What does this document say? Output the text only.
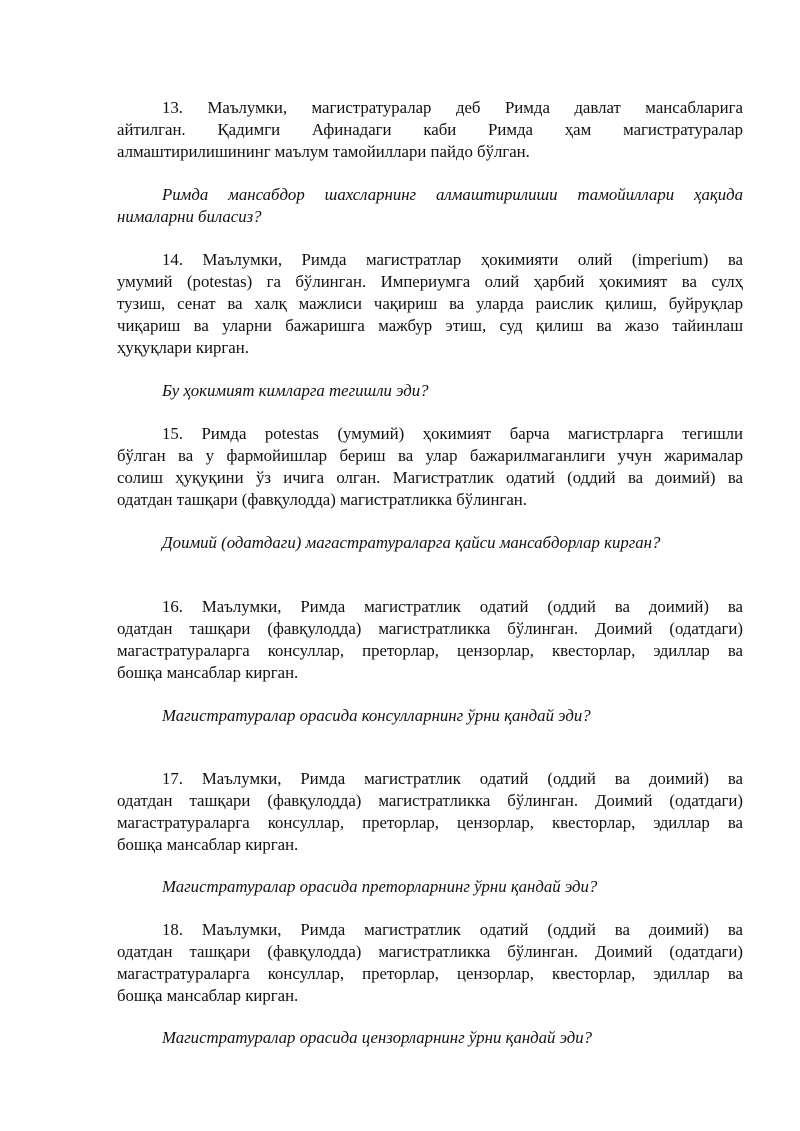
13. Маълумки, магистратуралар деб Римда давлат мансабларига
айтилган. Қадимги Афинадаги каби Римда ҳам магистратуралар
алмаштирилишининг маълум тамойиллари пайдо бўлган.
Римда мансабдор шахсларнинг алмаштирилиши тамойиллари ҳақида
нималарни биласиз?
14. Маълумки, Римда магистратлар ҳокимияти олий (imperium) ва
умумий (potestas) га бўлинган. Империумга олий ҳарбий ҳокимият ва сулҳ
тузиш, сенат ва халқ мажлиси чақириш ва уларда раислик қилиш, буйруқлар
чиқариш ва уларни бажаришга мажбур этиш, суд қилиш ва жазо тайинлаш
ҳуқуқлари кирган.
Бу ҳокимият кимларга тегишли эди?
15. Римда potestas (умумий) ҳокимият барча магистрларга тегишли
бўлган ва у фармойишлар бериш ва улар бажарилмаганлиги учун жарималар
солиш ҳуқуқини ўз ичига олган. Магистратлик одатий (оддий ва доимий) ва
одатдан ташқари (фавқулодда) магистратликка бўлинган.
Доимий (одатдаги) магастратураларга қайси мансабдорлар кирган?
16. Маълумки, Римда магистратлик одатий (оддий ва доимий) ва
одатдан ташқари (фавқулодда) магистратликка бўлинган. Доимий (одатдаги)
магастратураларга консуллар, преторлар, цензорлар, квесторлар, эдиллар ва
бошқа мансаблар кирган.
Магистратуралар орасида консулларнинг ўрни қандай эди?
17. Маълумки, Римда магистратлик одатий (оддий ва доимий) ва
одатдан ташқари (фавқулодда) магистратликка бўлинган. Доимий (одатдаги)
магастратураларга консуллар, преторлар, цензорлар, квесторлар, эдиллар ва
бошқа мансаблар кирган.
Магистратуралар орасида преторларнинг ўрни қандай эди?
18. Маълумки, Римда магистратлик одатий (оддий ва доимий) ва
одатдан ташқари (фавқулодда) магистратликка бўлинган. Доимий (одатдаги)
магастратураларга консуллар, преторлар, цензорлар, квесторлар, эдиллар ва
бошқа мансаблар кирган.
Магистратуралар орасида цензорларнинг ўрни қандай эди?
